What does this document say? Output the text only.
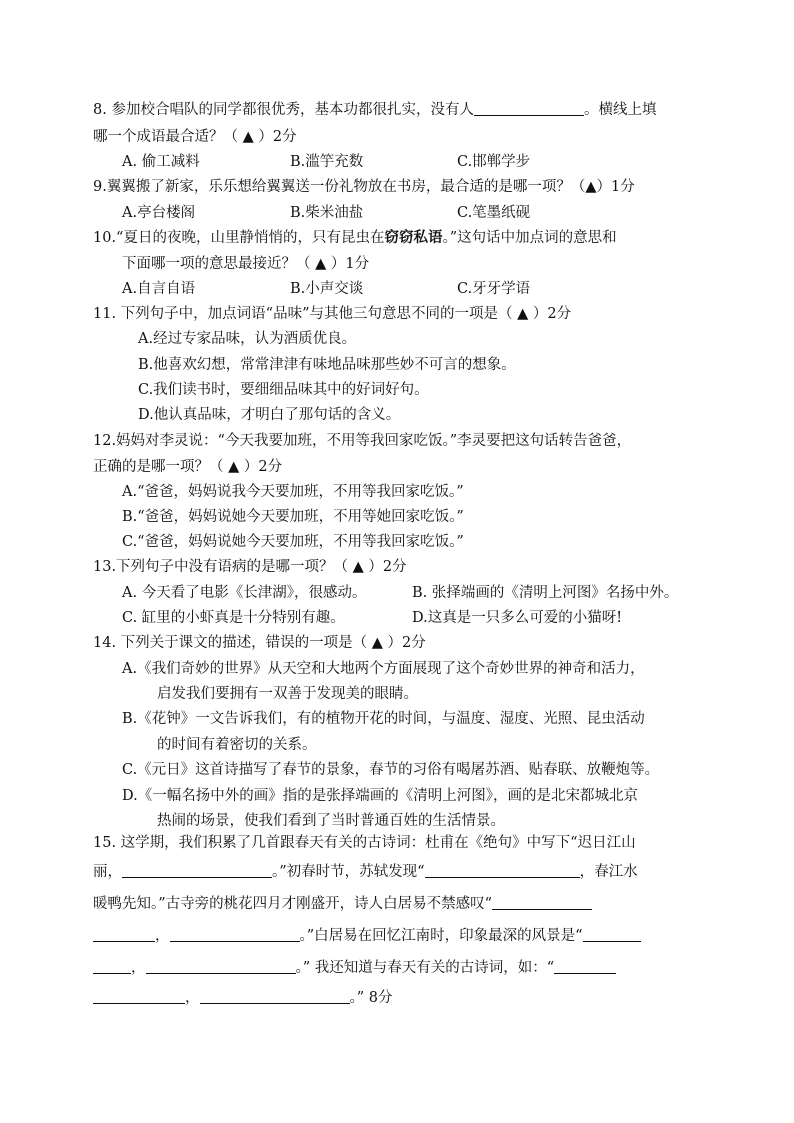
8. 参加校合唱队的同学都很优秀，基本功都很扎实，没有人	。横线上填
哪一个成语最合适？（ ▲ ）2分
A. 偷工减料	B.滥竽充数	C.邯郸学步
9.翼翼搬了新家，乐乐想给翼翼送一份礼物放在书房，最合适的是哪一项？（▲）1分
A.亭台楼阁	B.柴米油盐	C.笔墨纸砚
10.“夏日的夜晚，山里静悄悄的，只有昆虫在窃窃私语。”这句话中加点词的意思和
下面哪一项的意思最接近？（ ▲ ）1分
A.自言自语	B.小声交谈	C.牙牙学语
11. 下列句子中，加点词语“品味”与其他三句意思不同的一项是（ ▲ ）2分
A.经过专家品味，认为酒质优良。
B.他喜欢幻想，常常津津有味地品味那些妙不可言的想象。
C.我们读书时，要细细品味其中的好词好句。
D.他认真品味，才明白了那句话的含义。
12.妈妈对李灵说：“今天我要加班，不用等我回家吃饭。”李灵要把这句话转告爸爸，
正确的是哪一项？（ ▲ ）2分
A.“爸爸，妈妈说我今天要加班，不用等我回家吃饭。”
B.“爸爸，妈妈说她今天要加班，不用等她回家吃饭。”
C.“爸爸，妈妈说她今天要加班，不用等我回家吃饭。”
13.下列句子中没有语病的是哪一项？（ ▲ ）2分
A. 今天看了电影《长津湖》，很感动。	B. 张择端画的《清明上河图》名扬中外。
C. 缸里的小虾真是十分特别有趣。	D.这真是一只多么可爱的小猫呀!
14. 下列关于课文的描述，错误的一项是（ ▲ ）2分
A.《我们奇妙的世界》从天空和大地两个方面展现了这个奇妙世界的神奇和活力，
启发我们要拥有一双善于发现美的眼睛。
B.《花钟》一文告诉我们，有的植物开花的时间，与温度、湿度、光照、昆虫活动
的时间有着密切的关系。
C.《元日》这首诗描写了春节的景象，春节的习俗有喝屠苏酒、贴春联、放鞭炮等。
D.《一幅名扬中外的画》指的是张择端画的《清明上河图》，画的是北宋都城北京
热闹的场景，使我们看到了当时普通百姓的生活情景。
15. 这学期，我们积累了几首跟春天有关的古诗词：杜甫在《绝句》中写下“迟日江山
丽，	。”初春时节，苏轼发现“	，春江水
暖鸭先知。”古寺旁的桃花四月才刚盛开，诗人白居易不禁感叹“
，	。”白居易在回忆江南时，印象最深的风景是“
，	。” 我还知道与春天有关的古诗词，如：“
，	。” 8分
